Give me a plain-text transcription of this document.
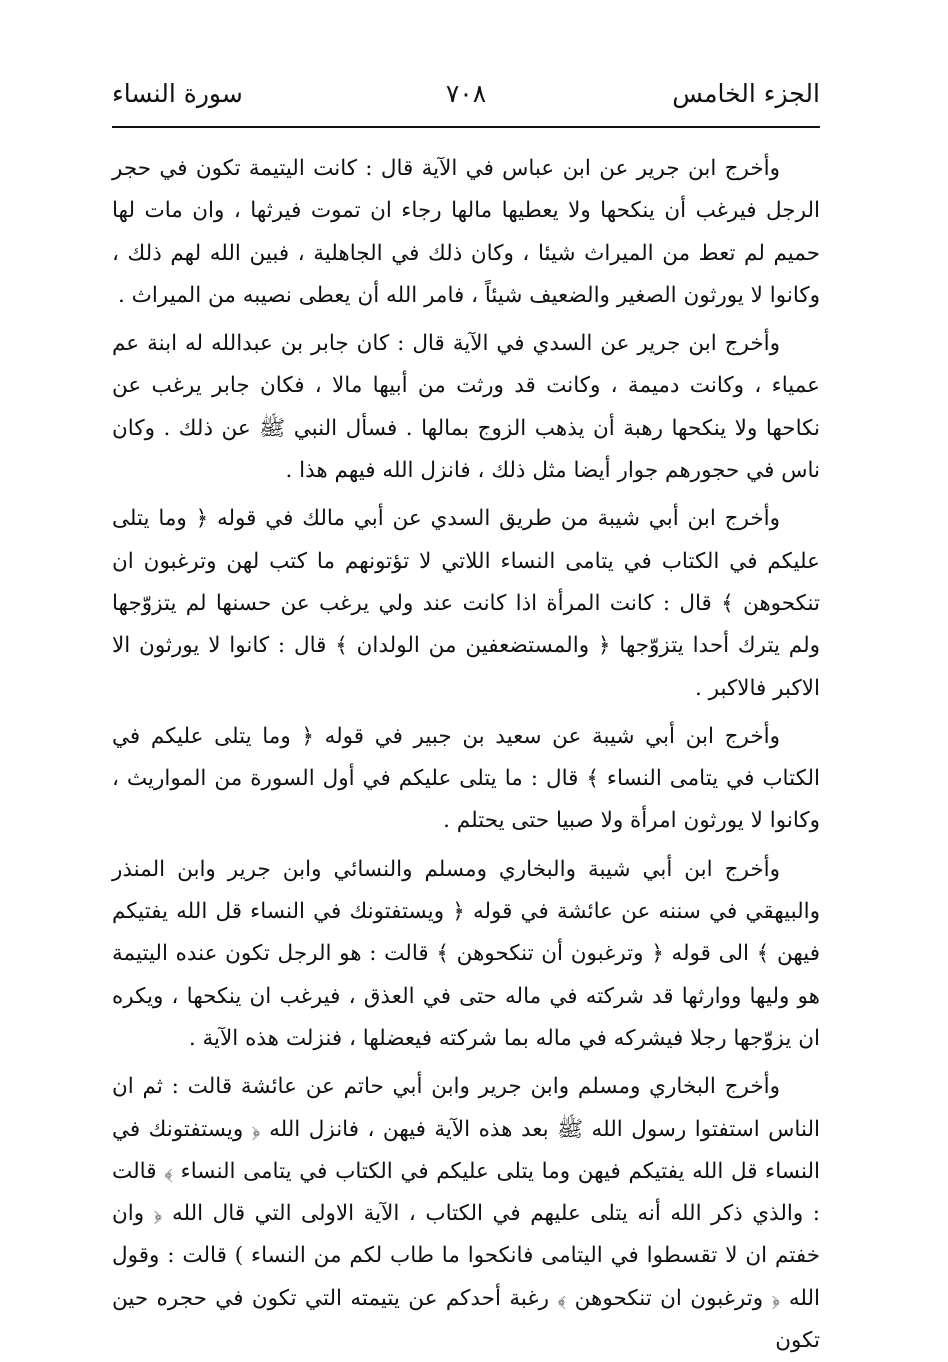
الجزء الخامس
٧٠٨
سورة النساء

وأخرج ابن جرير عن ابن عباس في الآية قال : كانت اليتيمة تكون في حجر الرجل فيرغب أن ينكحها ولا يعطيها مالها رجاء ان تموت فيرثها ، وان مات لها حميم لم تعط من الميراث شيئا ، وكان ذلك في الجاهلية ، فبين الله لهم ذلك ، وكانوا لا يورثون الصغير والضعيف شيئاً ، فامر الله أن يعطى نصيبه من الميراث .

وأخرج ابن جرير عن السدي في الآية قال : كان جابر بن عبدالله له ابنة عم عمياء ، وكانت دميمة ، وكانت قد ورثت من أبيها مالا ، فكان جابر يرغب عن نكاحها ولا ينكحها رهبة أن يذهب الزوج بمالها . فسأل النبي ﷺ عن ذلك . وكان ناس في حجورهم جوار أيضا مثل ذلك ، فانزل الله فيهم هذا .

وأخرج ابن أبي شيبة من طريق السدي عن أبي مالك في قوله ﴿ وما يتلى عليكم في الكتاب في يتامى النساء اللاتي لا تؤتونهم ما كتب لهن وترغبون ان تنكحوهن ﴾ قال : كانت المرأة اذا كانت عند ولي يرغب عن حسنها لم يتزوّجها ولم يترك أحدا يتزوّجها ﴿ والمستضعفين من الولدان ﴾ قال : كانوا لا يورثون الا الاكبر فالاكبر .

وأخرج ابن أبي شيبة عن سعيد بن جبير في قوله ﴿ وما يتلى عليكم في الكتاب في يتامى النساء ﴾ قال : ما يتلى عليكم في أول السورة من المواريث ، وكانوا لا يورثون امرأة ولا صبيا حتى يحتلم .

وأخرج ابن أبي شيبة والبخاري ومسلم والنسائي وابن جرير وابن المنذر والبيهقي في سننه عن عائشة في قوله ﴿ ويستفتونك في النساء قل الله يفتيكم فيهن ﴾ الى قوله ﴿ وترغبون أن تنكحوهن ﴾ قالت : هو الرجل تكون عنده اليتيمة هو وليها ووارثها قد شركته في ماله حتى في العذق ، فيرغب ان ينكحها ، ويكره ان يزوّجها رجلا فيشركه في ماله بما شركته فيعضلها ، فنزلت هذه الآية .

وأخرج البخاري ومسلم وابن جرير وابن أبي حاتم عن عائشة قالت : ثم ان الناس استفتوا رسول الله ﷺ بعد هذه الآية فيهن ، فانزل الله ﴿ ويستفتونك في النساء قل الله يفتيكم فيهن وما يتلى عليكم في الكتاب في يتامى النساء ﴾ قالت : والذي ذكر الله أنه يتلى عليهم في الكتاب ، الآية الاولى التي قال الله ﴿ وان خفتم ان لا تقسطوا في اليتامى فانكحوا ما طاب لكم من النساء ) قالت : وقول الله ﴿ وترغبون ان تنكحوهن ﴾ رغبة أحدكم عن يتيمته التي تكون في حجره حين تكون
